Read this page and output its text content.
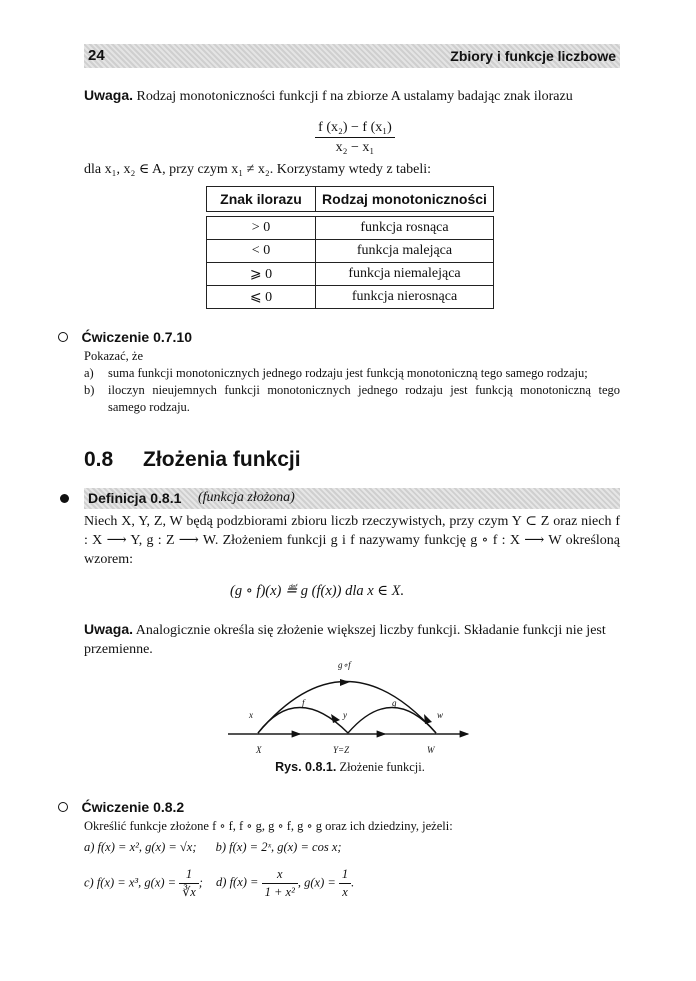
24	Zbiory i funkcje liczbowe
Uwaga. Rodzaj monotoniczności funkcji f na zbiorze A ustalamy badając znak ilorazu
$\frac{\text{f (x₂) − f (x₁)}}{\text{x₂ − x₁}}$
dla x₁, x₂ ∈ A, przy czym x₁ ≠ x₂. Korzystamy wtedy z tabeli:
Znak ilorazu	Rodzaj monotoniczności

> 0	funkcja rosnąca
< 0	funkcja malejąca
⩾ 0	funkcja niemalejąca
⩽ 0	funkcja nierosnąca
Ćwiczenie 0.7.10
Pokazać, że
a)	suma funkcji monotonicznych jednego rodzaju jest funkcją monotoniczną tego samego rodzaju;
b)	iloczyn nieujemnych funkcji monotonicznych jednego rodzaju jest funkcją monotoniczną tego samego rodzaju.
0.8 Złożenia funkcji
Definicja 0.8.1 (funkcja złożona)
Niech X, Y, Z, W będą podzbiorami zbioru liczb rzeczywistych, przy czym Y ⊂ Z oraz niech f : X ⟶ Y, g : Z ⟶ W. Złożeniem funkcji g i f nazywamy funkcję g ∘ f : X ⟶ W określoną wzorem:
(g ∘ f)(x) ≝ g (f(x)) dla x ∈ X.
Uwaga. Analogicznie określa się złożenie większej liczby funkcji. Składanie funkcji nie jest przemienne.
g∘f
f	g
x	y	w
X	Y=Z	W
Rys. 0.8.1. Złożenie funkcji.
Ćwiczenie 0.8.2
Określić funkcje złożone f ∘ f, f ∘ g, g ∘ f, g ∘ g oraz ich dziedziny, jeżeli:
a) f(x) = x², g(x) = √x; b) f(x) = 2ˣ, g(x) = cos x;
c) f(x) = x³, $g(x) = \frac{1}{∛x}$ ; d) $f(x) = \frac{x}{\text{1 + x²}}$ , $g(x) = \frac{1}{x}$ .
